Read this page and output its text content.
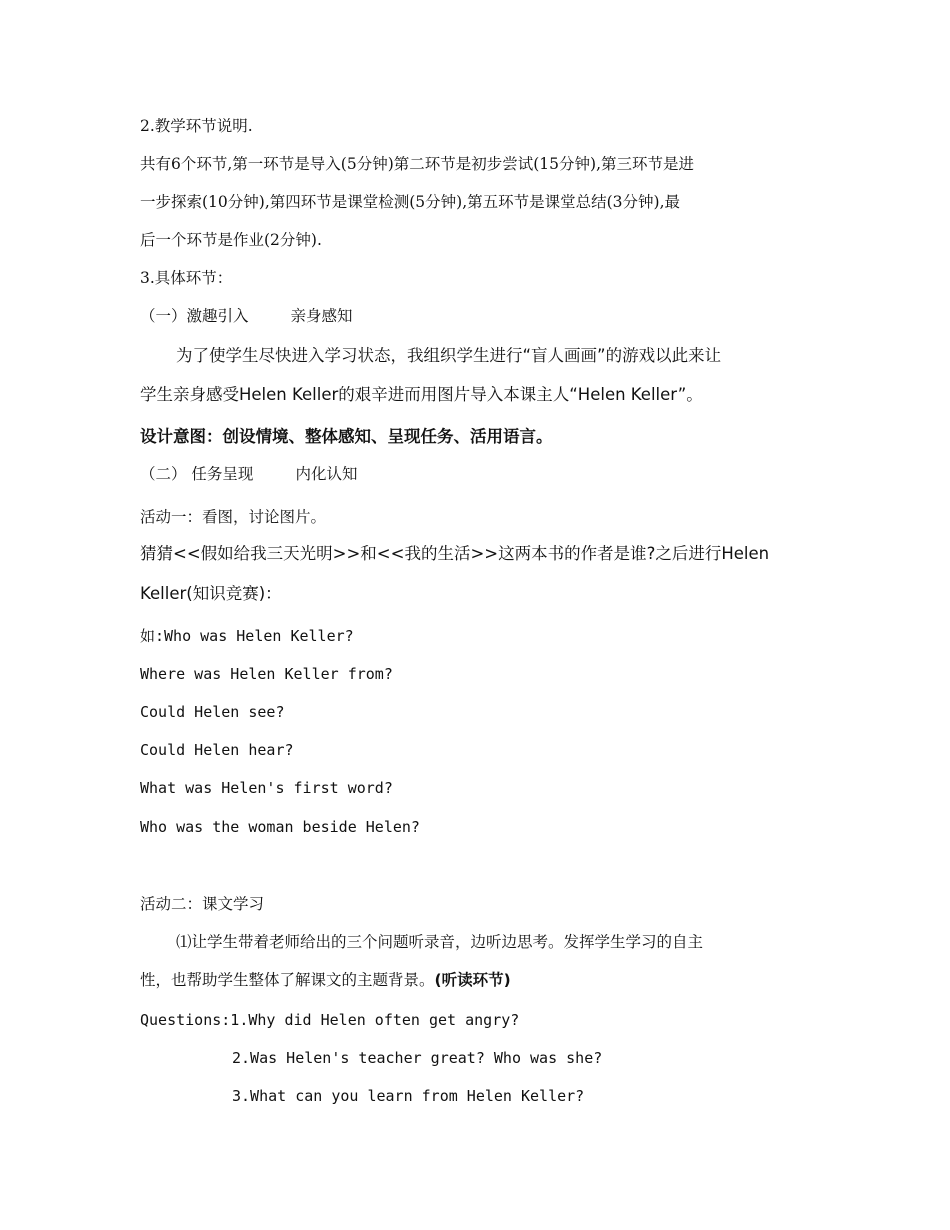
2.教学环节说明.
共有6个环节,第一环节是导入(5分钟)第二环节是初步尝试(15分钟),第三环节是进
一步探索(10分钟),第四环节是课堂检测(5分钟),第五环节是课堂总结(3分钟),最
后一个环节是作业(2分钟).
3.具体环节：
（一）激趣引入	亲身感知
为了使学生尽快进入学习状态，我组织学生进行“盲人画画”的游戏以此来让
学生亲身感受Helen Keller的艰辛进而用图片导入本课主人“Helen Keller”。
设计意图：创设情境、整体感知、呈现任务、活用语言。
（二） 任务呈现	内化认知
活动一：看图，讨论图片。
猜猜<<假如给我三天光明>>和<<我的生活>>这两本书的作者是谁?之后进行Helen
Keller(知识竞赛)：
如:Who was Helen Keller?
Where was Helen Keller from?
Could Helen see?
Could Helen hear?
What was Helen's first word?
Who was the woman beside Helen?
活动二：课文学习
⑴让学生带着老师给出的三个问题听录音，边听边思考。发挥学生学习的自主
性，也帮助学生整体了解课文的主题背景。(听读环节)
Questions:1.Why did Helen often get angry?
2.Was Helen's teacher great? Who was she?
3.What can you learn from Helen Keller?
